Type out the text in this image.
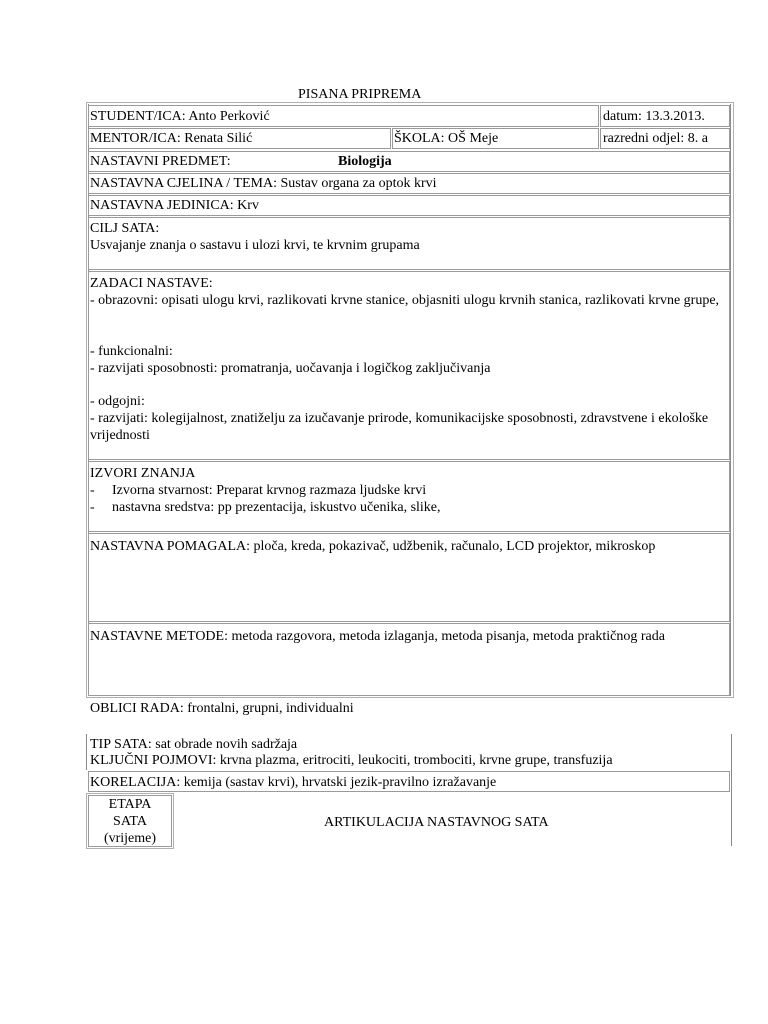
PISANA PRIPREMA
STUDENT/ICA: Anto Perković	datum: 13.3.2013.
MENTOR/ICA: Renata Silić	ŠKOLA: OŠ Meje	razredni odjel: 8. a
NASTAVNI PREDMET:	Biologija
NASTAVNA CJELINA / TEMA: Sustav organa za optok krvi
NASTAVNA JEDINICA: Krv
CILJ SATA:
Usvajanje znanja o sastavu i ulozi krvi, te krvnim grupama
ZADACI NASTAVE:
- obrazovni: opisati ulogu krvi, razlikovati krvne stanice, objasniti ulogu krvnih stanica, razlikovati krvne grupe,
- funkcionalni:
- razvijati sposobnosti: promatranja, uočavanja i logičkog zaključivanja
- odgojni:
- razvijati: kolegijalnost, znatiželju za izučavanje prirode, komunikacijske sposobnosti, zdravstvene i ekološke vrijednosti
IZVORI ZNANJA
- Izvorna stvarnost: Preparat krvnog razmaza ljudske krvi
- nastavna sredstva: pp prezentacija, iskustvo učenika, slike,
NASTAVNA POMAGALA: ploča, kreda, pokazivač, udžbenik, računalo, LCD projektor, mikroskop
NASTAVNE METODE: metoda razgovora, metoda izlaganja, metoda pisanja, metoda praktičnog rada
OBLICI RADA: frontalni, grupni, individualni
TIP SATA: sat obrade novih sadržaja
KLJUČNI POJMOVI: krvna plazma, eritrociti, leukociti, trombociti, krvne grupe, transfuzija
KORELACIJA: kemija (sastav krvi), hrvatski jezik-pravilno izražavanje
ETAPA
SATA
(vrijeme)
ARTIKULACIJA NASTAVNOG SATA
